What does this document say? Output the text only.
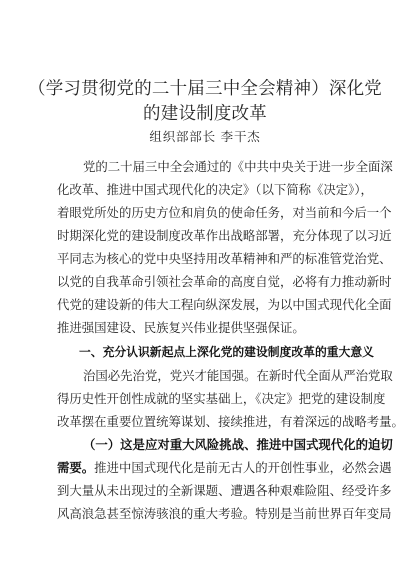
（学习贯彻党的二十届三中全会精神）深化党
的建设制度改革
组织部部长 李干杰
党的二十届三中全会通过的《中共中央关于进一步全面深
化改革、推进中国式现代化的决定》（以下简称《决定》），
着眼党所处的历史方位和肩负的使命任务，对当前和今后一个
时期深化党的建设制度改革作出战略部署，充分体现了以习近
平同志为核心的党中央坚持用改革精神和严的标准管党治党、
以党的自我革命引领社会革命的高度自觉，必将有力推动新时
代党的建设新的伟大工程向纵深发展，为以中国式现代化全面
推进强国建设、民族复兴伟业提供坚强保证。
一、充分认识新起点上深化党的建设制度改革的重大意义
治国必先治党，党兴才能国强。在新时代全面从严治党取
得历史性开创性成就的坚实基础上，《决定》把党的建设制度
改革摆在重要位置统筹谋划、接续推进，有着深远的战略考量。
（一）这是应对重大风险挑战、推进中国式现代化的迫切
需要。推进中国式现代化是前无古人的开创性事业，必然会遇
到大量从未出现过的全新课题、遭遇各种艰难险阻、经受许多
风高浪急甚至惊涛骇浪的重大考验。特别是当前世界百年变局
